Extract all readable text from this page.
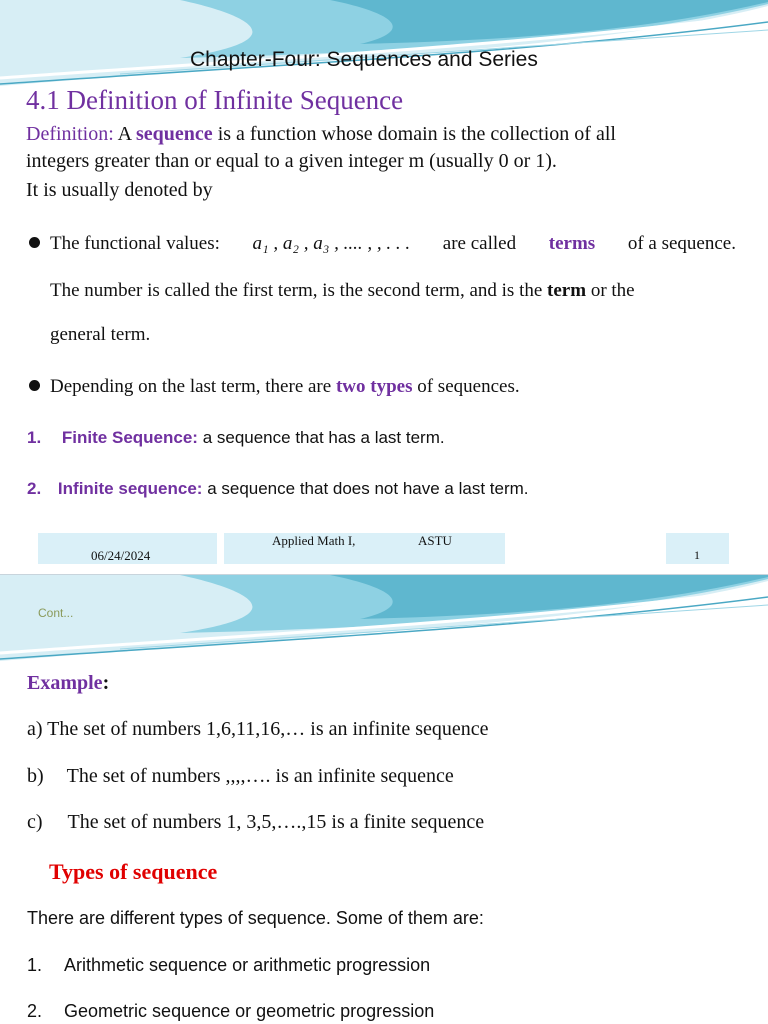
Chapter-Four: Sequences and Series
4.1 Definition of Infinite Sequence
Definition: A sequence is a function whose domain is the collection of all
integers greater than or equal to a given integer m (usually 0 or 1).
It is usually denoted by
The functional values: a₁ , a₂ , a₃ , .... , , . . . are called terms of a sequence.
The number is called the first term, is the second term, and is the term or the
general term.
Depending on the last term, there are two types of sequences.
1. Finite Sequence: a sequence that has a last term.
2. Infinite sequence: a sequence that does not have a last term.
06/24/2024
Applied Math I,	ASTU
1
Cont...
Example:
a) The set of numbers 1,6,11,16,… is an infinite sequence
b) The set of numbers ,,,,…. is an infinite sequence
c) The set of numbers 1, 3,5,….,15 is a finite sequence
Types of sequence
There are different types of sequence. Some of them are:
1. Arithmetic sequence or arithmetic progression
2. Geometric sequence or geometric progression
